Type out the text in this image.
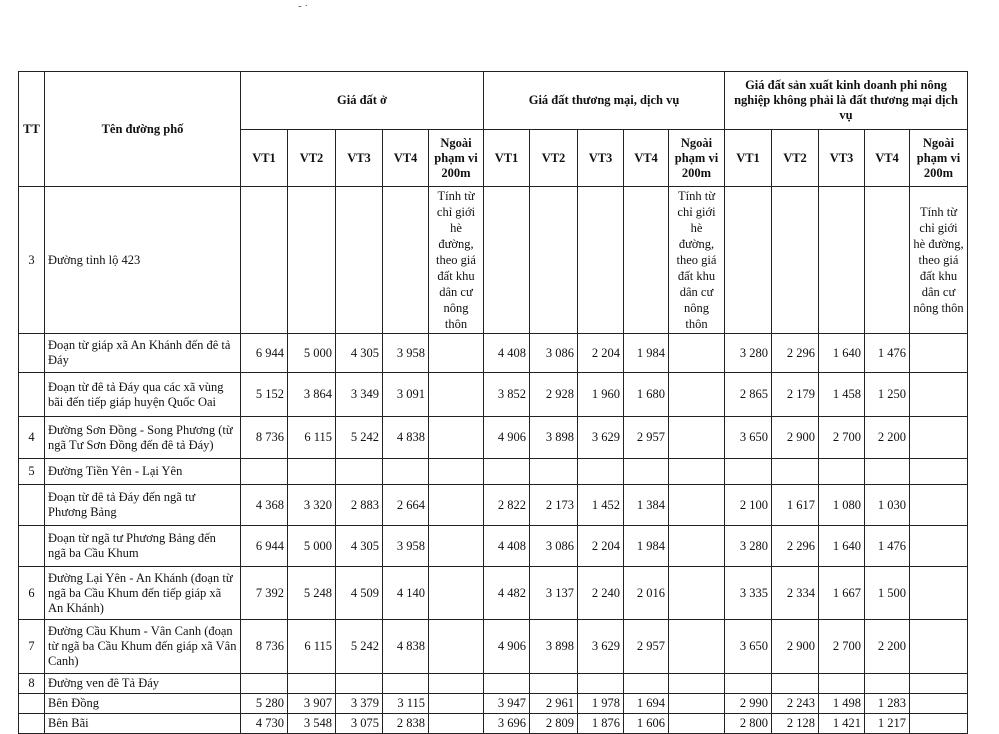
- ·
TT	Tên đường phố	Giá đất ở					Giá đất thương mại, dịch vụ					Giá đất sản xuất kinh doanh phi nông nghiệp không phải là đất thương mại dịch vụ				
		VT1	VT2	VT3	VT4	Ngoài phạm vi 200m	VT1	VT2	VT3	VT4	Ngoài phạm vi 200m	VT1	VT2	VT3	VT4	Ngoài phạm vi 200m
3	Đường tỉnh lộ 423					Tính từ chỉ giới hè đường, theo giá đất khu dân cư nông thôn					Tính từ chỉ giới hè đường, theo giá đất khu dân cư nông thôn					Tính từ chỉ giới hè đường, theo giá đất khu dân cư nông thôn
	Đoạn từ giáp xã An Khánh đến đê tả Đáy	6 944	5 000	4 305	3 958		4 408	3 086	2 204	1 984		3 280	2 296	1 640	1 476	
	Đoạn từ đê tả Đáy qua các xã vùng bãi đến tiếp giáp huyện Quốc Oai	5 152	3 864	3 349	3 091		3 852	2 928	1 960	1 680		2 865	2 179	1 458	1 250	
4	Đường Sơn Đồng - Song Phương (từ ngã Tư Sơn Đồng đến đê tả Đáy)	8 736	6 115	5 242	4 838		4 906	3 898	3 629	2 957		3 650	2 900	2 700	2 200	
5	Đường Tiền Yên - Lại Yên															
	Đoạn từ đê tả Đáy đến ngã tư Phương Bảng	4 368	3 320	2 883	2 664		2 822	2 173	1 452	1 384		2 100	1 617	1 080	1 030	
	Đoạn từ ngã tư Phương Bảng đến ngã ba Cầu Khum	6 944	5 000	4 305	3 958		4 408	3 086	2 204	1 984		3 280	2 296	1 640	1 476	
6	Đường Lại Yên - An Khánh (đoạn từ ngã ba Cầu Khum đến tiếp giáp xã An Khánh)	7 392	5 248	4 509	4 140		4 482	3 137	2 240	2 016		3 335	2 334	1 667	1 500	
7	Đường Cầu Khum - Vân Canh (đoạn từ ngã ba Cầu Khum đến giáp xã Vân Canh)	8 736	6 115	5 242	4 838		4 906	3 898	3 629	2 957		3 650	2 900	2 700	2 200	
8	Đường ven đê Tả Đáy															
	Bên Đồng	5 280	3 907	3 379	3 115		3 947	2 961	1 978	1 694		2 990	2 243	1 498	1 283	
	Bên Bãi	4 730	3 548	3 075	2 838		3 696	2 809	1 876	1 606		2 800	2 128	1 421	1 217	
